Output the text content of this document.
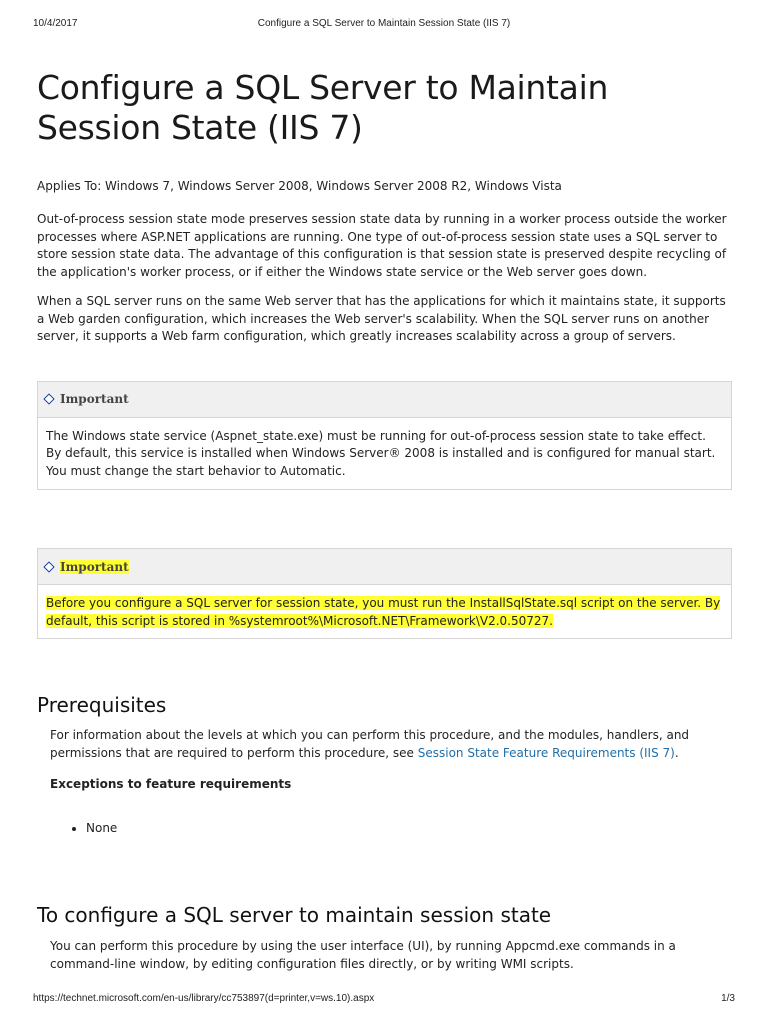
10/4/2017	Configure a SQL Server to Maintain Session State (IIS 7)
Configure a SQL Server to Maintain Session State (IIS 7)
Applies To: Windows 7, Windows Server 2008, Windows Server 2008 R2, Windows Vista

Out-of-process session state mode preserves session state data by running in a worker process outside the worker processes where ASP.NET applications are running. One type of out-of-process session state uses a SQL server to store session state data. The advantage of this configuration is that session state is preserved despite recycling of the application's worker process, or if either the Windows state service or the Web server goes down.

When a SQL server runs on the same Web server that has the applications for which it maintains state, it supports a Web garden configuration, which increases the Web server's scalability. When the SQL server runs on another server, it supports a Web farm configuration, which greatly increases scalability across a group of servers.

Important
The Windows state service (Aspnet_state.exe) must be running for out-of-process session state to take effect. By default, this service is installed when Windows Server® 2008 is installed and is configured for manual start. You must change the start behavior to Automatic.
Important
Before you configure a SQL server for session state, you must run the InstallSqlState.sql script on the server. By default, this script is stored in %systemroot%\Microsoft.NET\Framework\V2.0.50727.
Prerequisites

For information about the levels at which you can perform this procedure, and the modules, handlers, and permissions that are required to perform this procedure, see Session State Feature Requirements (IIS 7).

Exceptions to feature requirements
• None
To configure a SQL server to maintain session state

You can perform this procedure by using the user interface (UI), by running Appcmd.exe commands in a command-line window, by editing configuration files directly, or by writing WMI scripts.

https://technet.microsoft.com/en-us/library/cc753897(d=printer,v=ws.10).aspx	1/3
